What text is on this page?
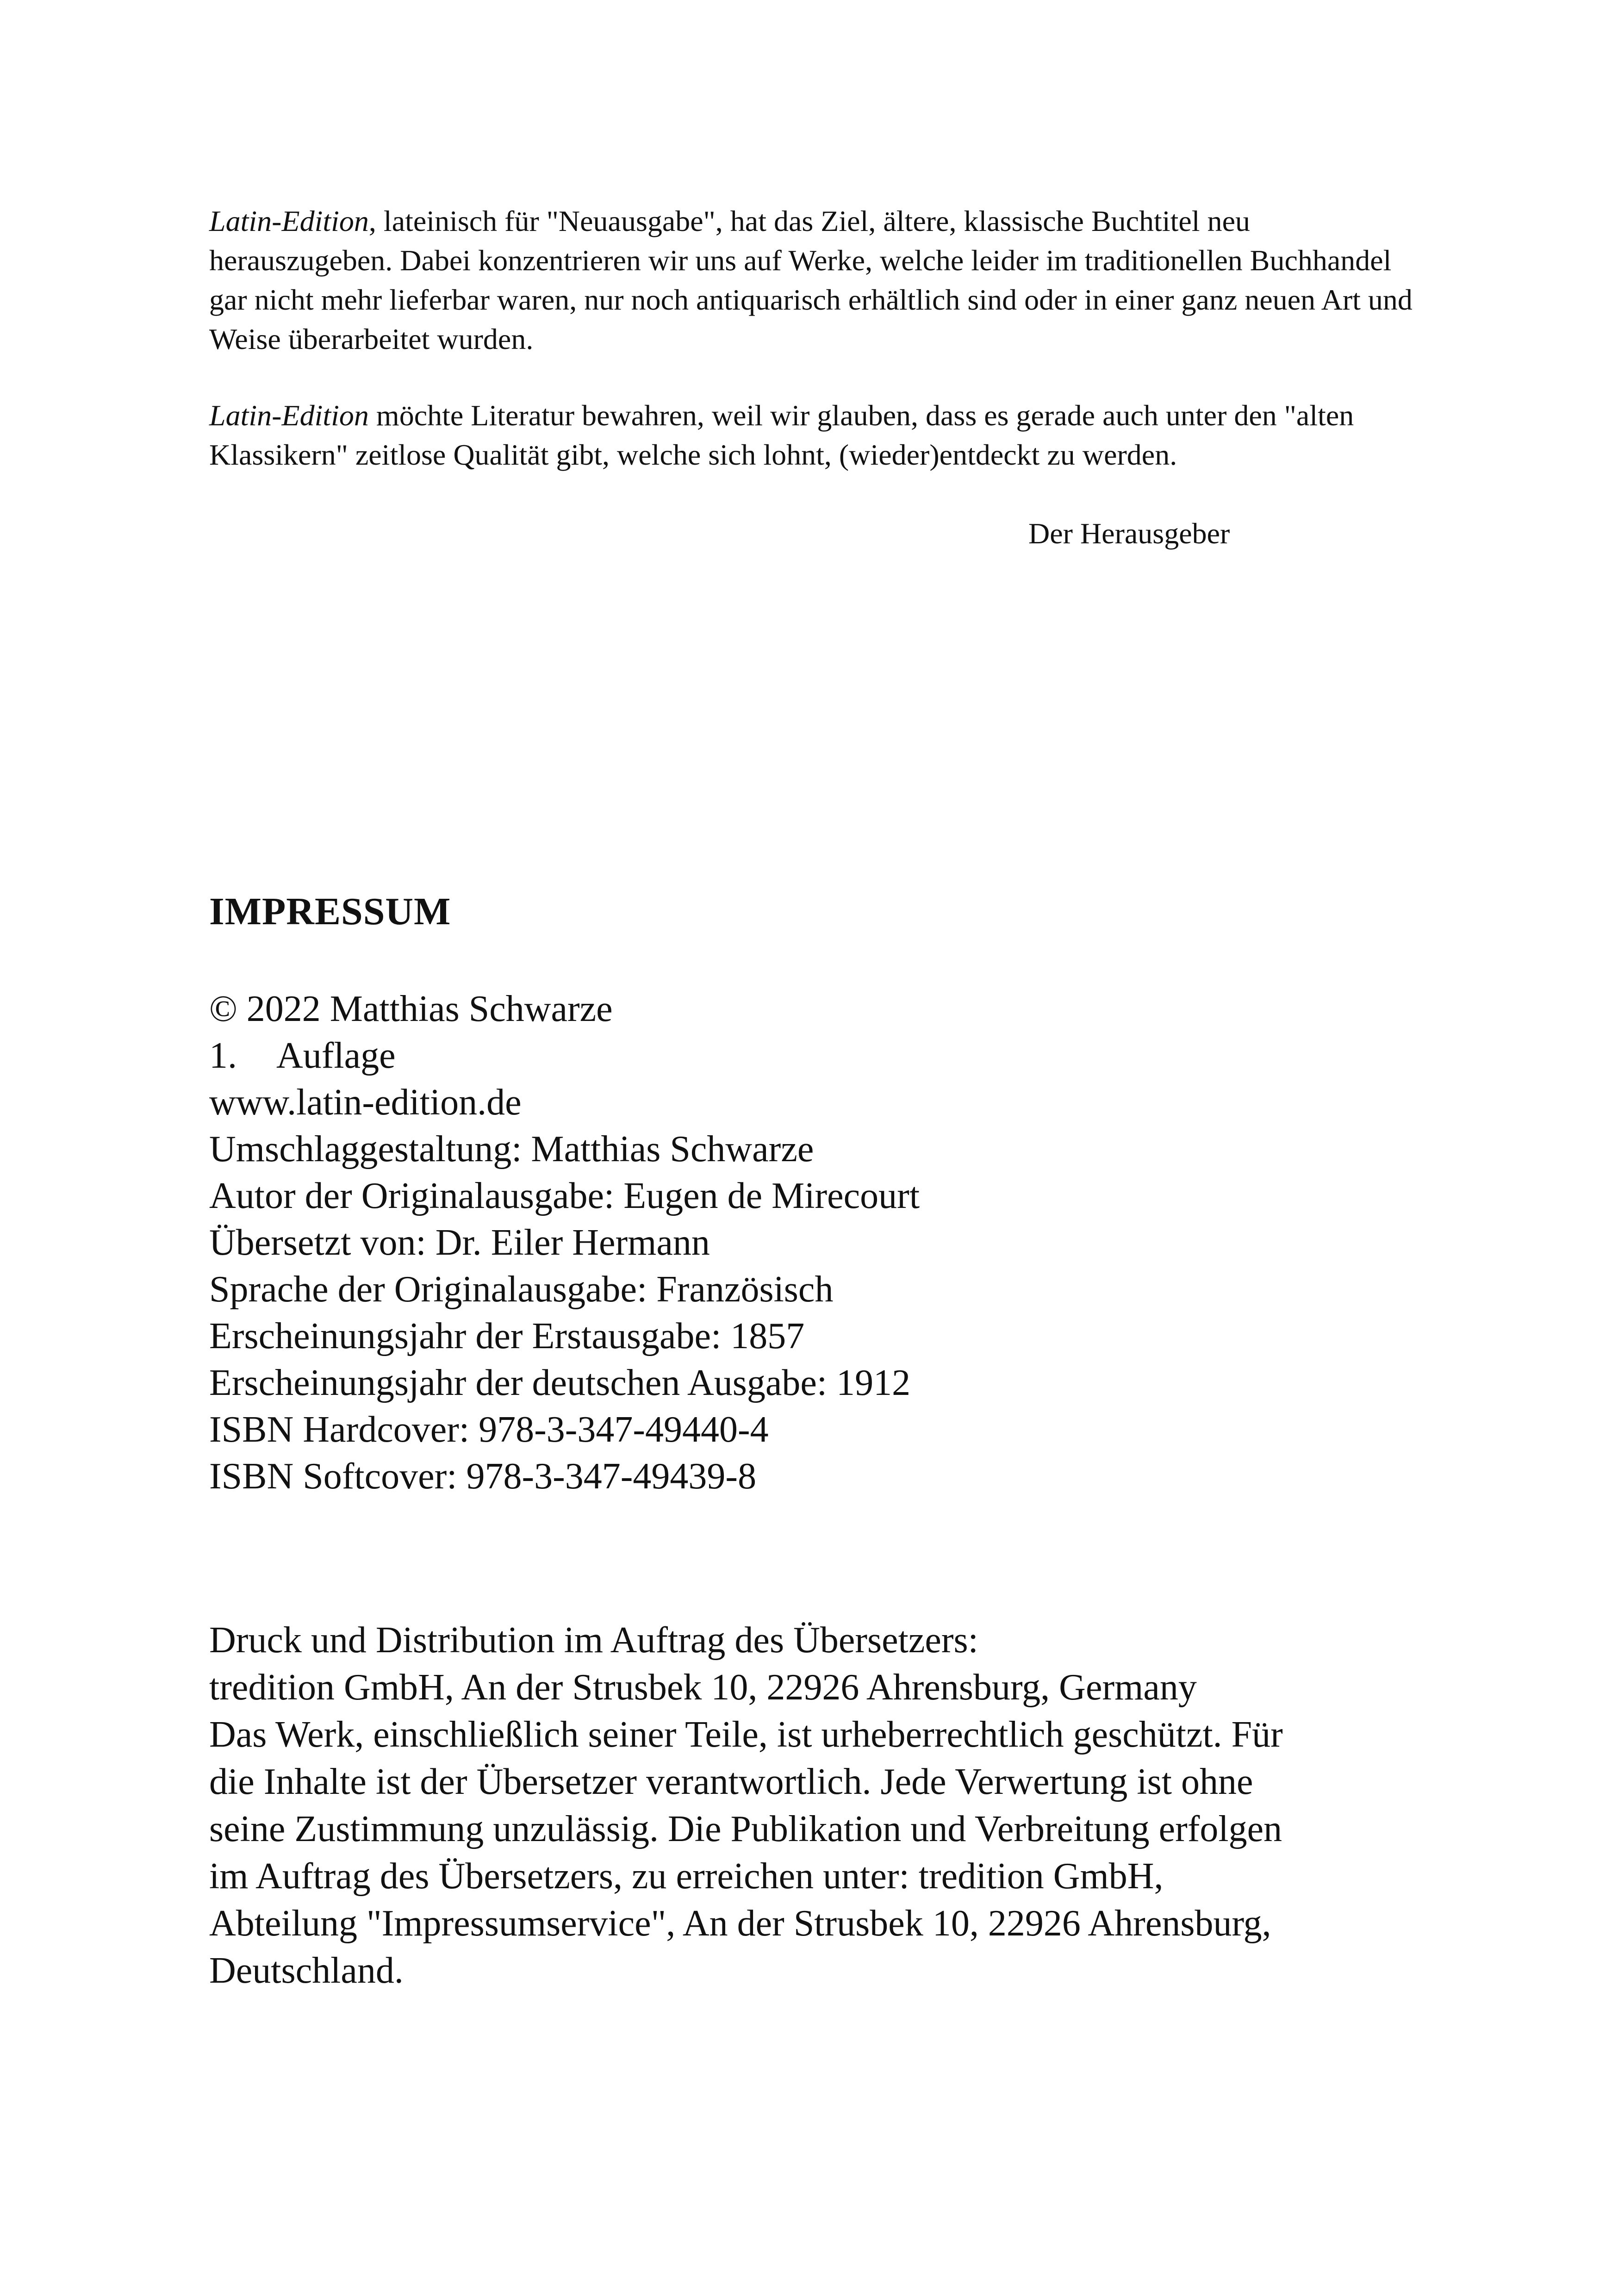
Latin-Edition, lateinisch für "Neuausgabe", hat das Ziel, ältere, klassische Buchtitel neu herauszugeben. Dabei konzentrieren wir uns auf Werke, welche leider im traditionellen Buchhandel gar nicht mehr lieferbar waren, nur noch antiquarisch erhältlich sind oder in einer ganz neuen Art und Weise überarbeitet wurden.

Latin-Edition möchte Literatur bewahren, weil wir glauben, dass es gerade auch unter den "alten Klassikern" zeitlose Qualität gibt, welche sich lohnt, (wieder)entdeckt zu werden.

Der Herausgeber
IMPRESSUM
© 2022 Matthias Schwarze
1. Auflage
www.latin-edition.de
Umschlaggestaltung: Matthias Schwarze
Autor der Originalausgabe: Eugen de Mirecourt
Übersetzt von: Dr. Eiler Hermann
Sprache der Originalausgabe: Französisch
Erscheinungsjahr der Erstausgabe: 1857
Erscheinungsjahr der deutschen Ausgabe: 1912
ISBN Hardcover: 978-3-347-49440-4
ISBN Softcover: 978-3-347-49439-8
Druck und Distribution im Auftrag des Übersetzers:
tredition GmbH, An der Strusbek 10, 22926 Ahrensburg, Germany
Das Werk, einschließlich seiner Teile, ist urheberrechtlich geschützt. Für
die Inhalte ist der Übersetzer verantwortlich. Jede Verwertung ist ohne
seine Zustimmung unzulässig. Die Publikation und Verbreitung erfolgen
im Auftrag des Übersetzers, zu erreichen unter: tredition GmbH,
Abteilung "Impressumservice", An der Strusbek 10, 22926 Ahrensburg,
Deutschland.
